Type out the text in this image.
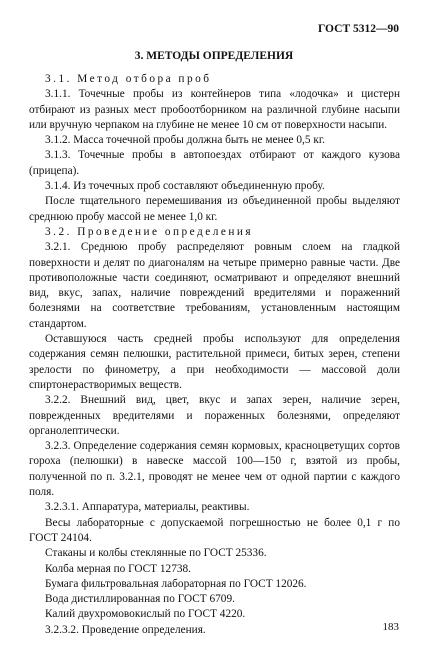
ГОСТ 5312—90
3. МЕТОДЫ ОПРЕДЕЛЕНИЯ

3.1. Метод отбора проб

3.1.1. Точечные пробы из контейнеров типа «лодочка» и цистерн отбирают из разных мест пробоотборником на различной глубине насыпи или вручную черпаком на глубине не менее 10 см от поверхности насыпи.

3.1.2. Масса точечной пробы должна быть не менее 0,5 кг.

3.1.3. Точечные пробы в автопоездах отбирают от каждого кузова (прицепа).

3.1.4. Из точечных проб составляют объединенную пробу.

После тщательного перемешивания из объединенной пробы выделяют среднюю пробу массой не менее 1,0 кг.

3.2. Проведение определения

3.2.1. Среднюю пробу распределяют ровным слоем на гладкой поверхности и делят по диагоналям на четыре примерно равные части. Две противоположные части соединяют, осматривают и определяют внешний вид, вкус, запах, наличие повреждений вредителями и пораженний болезнями на соответствие требованиям, установленным настоящим стандартом.

Оставшуюся часть средней пробы используют для определения содержания семян пелюшки, растительной примеси, битых зерен, степени зрелости по финометру, а при необходимости — массовой доли спиртонерастворимых веществ.

3.2.2. Внешний вид, цвет, вкус и запах зерен, наличие зерен, поврежденных вредителями и пораженных болезнями, определяют органолептически.

3.2.3. Определение содержания семян кормовых, красноцветущих сортов гороха (пелюшки) в навеске массой 100—150 г, взятой из пробы, полученной по п. 3.2.1, проводят не менее чем от одной партии с каждого поля.

3.2.3.1. Аппаратура, материалы, реактивы.

Весы лабораторные с допускаемой погрешностью не более 0,1 г по ГОСТ 24104.

Стаканы и колбы стеклянные по ГОСТ 25336.

Колба мерная по ГОСТ 12738.

Бумага фильтровальная лабораторная по ГОСТ 12026.

Вода дистиллированная по ГОСТ 6709.

Калий двухромовокислый по ГОСТ 4220.

3.2.3.2. Проведение определения.	183
